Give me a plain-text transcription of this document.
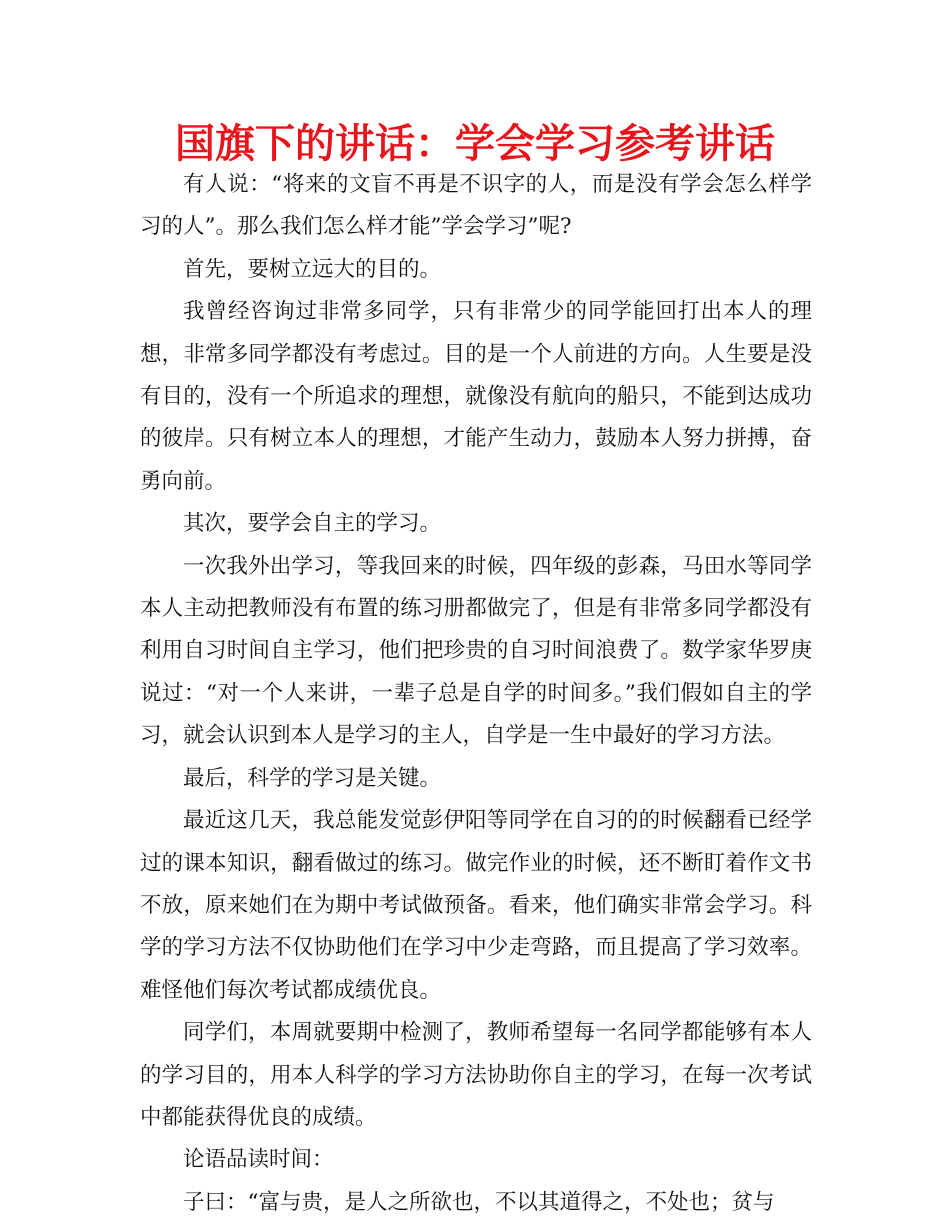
国旗下的讲话：学会学习参考讲话

有人说：“将来的文盲不再是不识字的人，而是没有学会怎么样学习的人”。那么我们怎么样才能”学会学习”呢?

首先，要树立远大的目的。

我曾经咨询过非常多同学，只有非常少的同学能回打出本人的理想，非常多同学都没有考虑过。目的是一个人前进的方向。人生要是没有目的，没有一个所追求的理想，就像没有航向的船只，不能到达成功的彼岸。只有树立本人的理想，才能产生动力，鼓励本人努力拼搏，奋勇向前。

其次，要学会自主的学习。

一次我外出学习，等我回来的时候，四年级的彭森，马田水等同学本人主动把教师没有布置的练习册都做完了，但是有非常多同学都没有利用自习时间自主学习，他们把珍贵的自习时间浪费了。数学家华罗庚说过：“对一个人来讲，一辈子总是自学的时间多。”我们假如自主的学习，就会认识到本人是学习的主人，自学是一生中最好的学习方法。

最后，科学的学习是关键。

最近这几天，我总能发觉彭伊阳等同学在自习的的时候翻看已经学过的课本知识，翻看做过的练习。做完作业的时候，还不断盯着作文书不放，原来她们在为期中考试做预备。看来，他们确实非常会学习。科学的学习方法不仅协助他们在学习中少走弯路，而且提高了学习效率。难怪他们每次考试都成绩优良。

同学们，本周就要期中检测了，教师希望每一名同学都能够有本人的学习目的，用本人科学的学习方法协助你自主的学习，在每一次考试中都能获得优良的成绩。

论语品读时间：

子曰：“富与贵，是人之所欲也，不以其道得之，不处也；贫与
